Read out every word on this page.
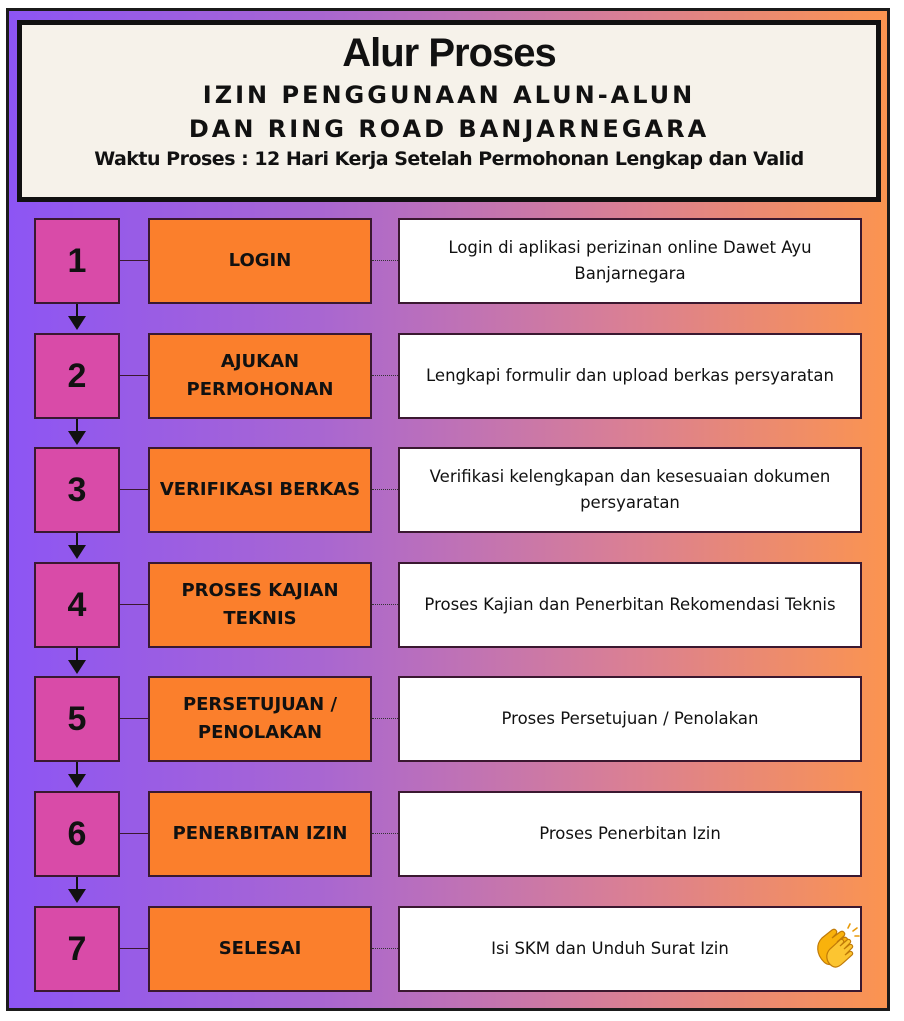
Alur Proses
IZIN PENGGUNAAN ALUN-ALUN
DAN RING ROAD BANJARNEGARA
Waktu Proses : 12 Hari Kerja Setelah Permohonan Lengkap dan Valid
1	LOGIN
Login di aplikasi perizinan online Dawet Ayu Banjarnegara
2	AJUKAN PERMOHONAN
Lengkapi formulir dan upload berkas persyaratan
3	VERIFIKASI BERKAS
Verifikasi kelengkapan dan kesesuaian dokumen persyaratan
4	PROSES KAJIAN TEKNIS
Proses Kajian dan Penerbitan Rekomendasi Teknis
5	PERSETUJUAN / PENOLAKAN
Proses Persetujuan / Penolakan
6	PENERBITAN IZIN	Proses Penerbitan Izin
7	SELESAI	Isi SKM dan Unduh Surat Izin
